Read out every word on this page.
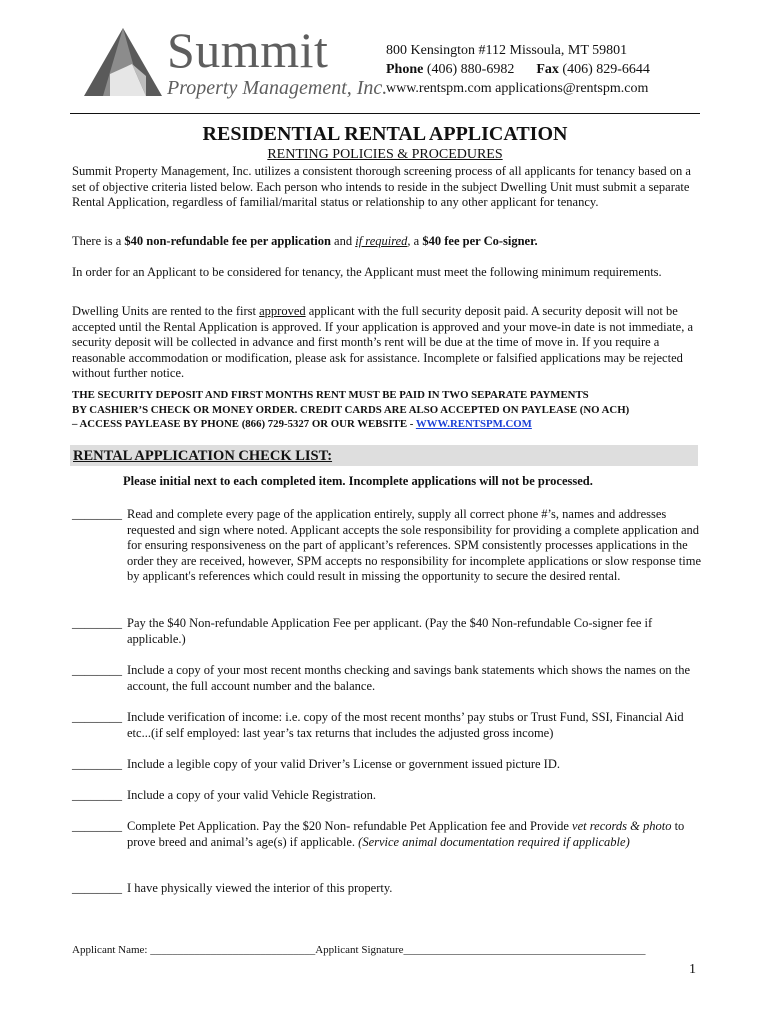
Summit
Property Management, Inc.
800 Kensington #112 Missoula, MT 59801
Phone (406) 880-6982 Fax (406) 829-6644
www.rentspm.com applications@rentspm.com
RESIDENTIAL RENTAL APPLICATION
RENTING POLICIES & PROCEDURES
Summit Property Management, Inc. utilizes a consistent thorough screening process of all applicants for tenancy based on a set of objective criteria listed below. Each person who intends to reside in the subject Dwelling Unit must submit a separate Rental Application, regardless of familial/marital status or relationship to any other applicant for tenancy.
There is a $40 non-refundable fee per application and if required, a $40 fee per Co-signer.
In order for an Applicant to be considered for tenancy, the Applicant must meet the following minimum requirements.
Dwelling Units are rented to the first approved applicant with the full security deposit paid. A security deposit will not be accepted until the Rental Application is approved. If your application is approved and your move-in date is not immediate, a security deposit will be collected in advance and first month’s rent will be due at the time of move in. If you require a reasonable accommodation or modification, please ask for assistance. Incomplete or falsified applications may be rejected without further notice.
THE SECURITY DEPOSIT AND FIRST MONTHS RENT MUST BE PAID IN TWO SEPARATE PAYMENTS
BY CASHIER’S CHECK OR MONEY ORDER. CREDIT CARDS ARE ALSO ACCEPTED ON PAYLEASE (NO ACH)
– ACCESS PAYLEASE BY PHONE (866) 729-5327 OR OUR WEBSITE - WWW.RENTSPM.COM
RENTAL APPLICATION CHECK LIST:
Please initial next to each completed item. Incomplete applications will not be processed.
________ Read and complete every page of the application entirely, supply all correct phone #’s, names and addresses requested and sign where noted. Applicant accepts the sole responsibility for providing a complete application and for ensuring responsiveness on the part of applicant’s references. SPM consistently processes applications in the order they are received, however, SPM accepts no responsibility for incomplete applications or slow response time by applicant's references which could result in missing the opportunity to secure the desired rental.
________ Pay the $40 Non-refundable Application Fee per applicant. (Pay the $40 Non-refundable Co-signer fee if applicable.)
________ Include a copy of your most recent months checking and savings bank statements which shows the names on the account, the full account number and the balance.
________ Include verification of income: i.e. copy of the most recent months’ pay stubs or Trust Fund, SSI, Financial Aid etc...(if self employed: last year’s tax returns that includes the adjusted gross income)
________ Include a legible copy of your valid Driver’s License or government issued picture ID.
________ Include a copy of your valid Vehicle Registration.
________ Complete Pet Application. Pay the $20 Non- refundable Pet Application fee and Provide vet records & photo to prove breed and animal’s age(s) if applicable. (Service animal documentation required if applicable)
________ I have physically viewed the interior of this property.
Applicant Name: ______________________________Applicant Signature____________________________________________
1
